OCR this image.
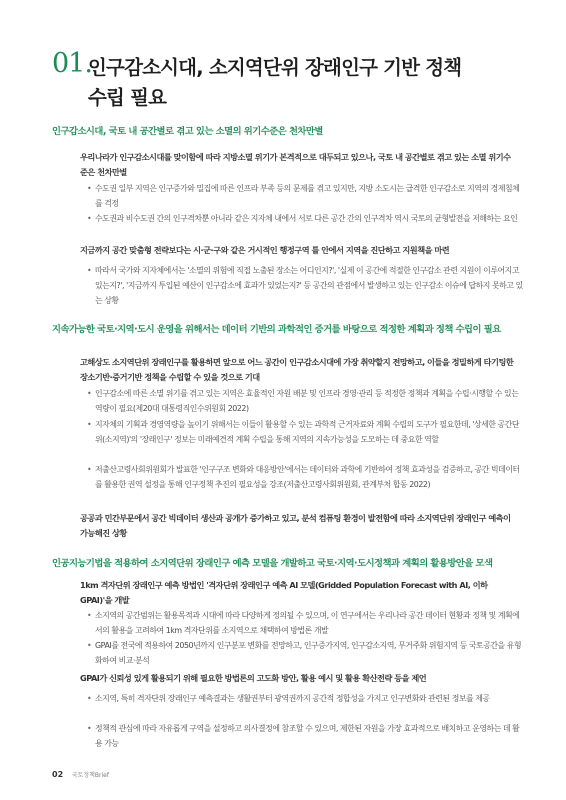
01.
인구감소시대, 소지역단위 장래인구 기반 정책
수립 필요
인구감소시대, 국토 내 공간별로 겪고 있는 소멸의 위기수준은 천차만별
우리나라가 인구감소시대를 맞이함에 따라 지방소멸 위기가 본격적으로 대두되고 있으나, 국토 내 공간별로 겪고 있는 소멸 위기수준은 천차만별
• 수도권 일부 지역은 인구증가와 밀집에 따른 인프라 부족 등의 문제를 겪고 있지만, 지방 소도시는 급격한 인구감소로 지역의 경제침체를 걱정
• 수도권과 비수도권 간의 인구격차뿐 아니라 같은 지자체 내에서 서로 다른 공간 간의 인구격차 역시 국토의 균형발전을 저해하는 요인
지금까지 공간 맞춤형 전략보다는 시·군·구와 같은 거시적인 행정구역 틀 안에서 지역을 진단하고 지원책을 마련
• 따라서 국가와 지자체에서는 '소멸의 위험에 직접 노출된 장소는 어디인지?', '실제 이 공간에 적절한 인구감소 관련 지원이 이루어지고 있는지?', '지금까지 투입된 예산이 인구감소에 효과가 있었는지?' 등 공간의 관점에서 발생하고 있는 인구감소 이슈에 답하지 못하고 있는 상황
지속가능한 국토·지역·도시 운영을 위해서는 데이터 기반의 과학적인 증거를 바탕으로 적정한 계획과 정책 수립이 필요
고해상도 소지역단위 장래인구를 활용하면 앞으로 어느 공간이 인구감소시대에 가장 취약할지 전망하고, 이들을 정밀하게 타기팅한 장소기반·증거기반 정책을 수립할 수 있을 것으로 기대
• 인구감소에 따른 소멸 위기를 겪고 있는 지역은 효율적인 자원 배분 및 인프라 경영·관리 등 적정한 정책과 계획을 수립·시행할 수 있는 역량이 필요(제20대 대통령직인수위원회 2022)
• 지자체의 기획과 경영역량을 높이기 위해서는 이들이 활용할 수 있는 과학적 근거자료와 계획 수립의 도구가 필요한데, '상세한 공간단위(소지역)'의 '장래인구' 정보는 미래예견적 계획 수립을 통해 지역의 지속가능성을 도모하는 데 중요한 역할
• 저출산고령사회위원회가 발표한 '인구구조 변화와 대응방안'에서는 데이터와 과학에 기반하여 정책 효과성을 검증하고, 공간 빅데이터를 활용한 권역 설정을 통해 인구정책 추진의 필요성을 강조(저출산고령사회위원회, 관계부처 합동 2022)
공공과 민간부문에서 공간 빅데이터 생산과 공개가 증가하고 있고, 분석 컴퓨팅 환경이 발전함에 따라 소지역단위 장래인구 예측이 가능해진 상황
인공지능기법을 적용하여 소지역단위 장래인구 예측 모델을 개발하고 국토·지역·도시정책과 계획의 활용방안을 모색
1km 격자단위 장래인구 예측 방법인 '격자단위 장래인구 예측 AI 모델(Gridded Population Forecast with AI, 이하 GPAI)'을 개발
• 소지역의 공간범위는 활용목적과 시대에 따라 다양하게 정의될 수 있으며, 이 연구에서는 우리나라 공간 데이터 현황과 정책 및 계획에서의 활용을 고려하여 1km 격자단위를 소지역으로 채택하여 방법론 개발
• GPAI를 전국에 적용하여 2050년까지 인구분포 변화를 전망하고, 인구증가지역, 인구감소지역, 무거주화 위험지역 등 국토공간을 유형화하여 비교·분석
GPAI가 신뢰성 있게 활용되기 위해 필요한 방법론의 고도화 방안, 활용 예시 및 활용 확산전략 등을 제언
• 소지역, 특히 격자단위 장래인구 예측결과는 생활권부터 광역권까지 공간적 정합성을 가지고 인구변화와 관련된 정보를 제공
• 정책적 관심에 따라 자유롭게 구역을 설정하고 의사결정에 참조할 수 있으며, 제한된 자원을 가장 효과적으로 배치하고 운영하는 데 활용 가능
02 국토정책Brief
